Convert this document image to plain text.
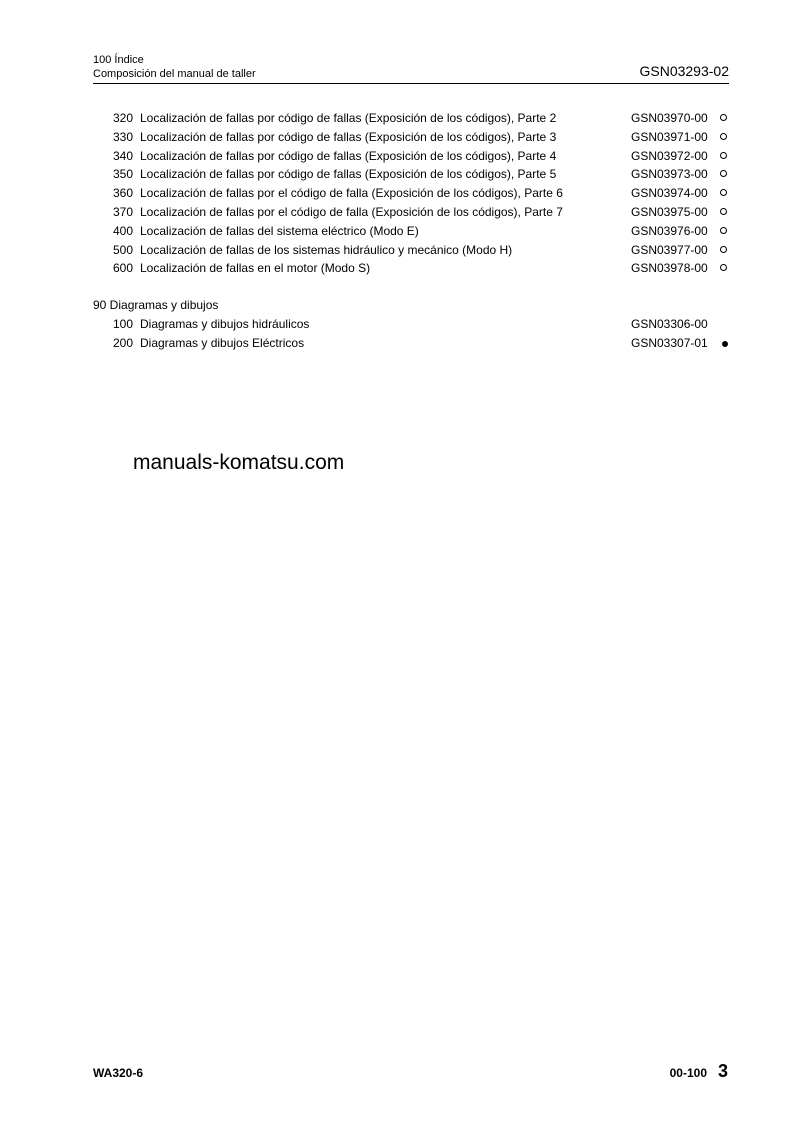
100 Índice
Composición del manual de taller	GSN03293-02
320 Localización de fallas por código de fallas (Exposición de los códigos), Parte 2	GSN03970-00
330 Localización de fallas por código de fallas (Exposición de los códigos), Parte 3	GSN03971-00
340 Localización de fallas por código de fallas (Exposición de los códigos), Parte 4	GSN03972-00
350 Localización de fallas por código de fallas (Exposición de los códigos), Parte 5	GSN03973-00
360 Localización de fallas por el código de falla (Exposición de los códigos), Parte 6	GSN03974-00
370 Localización de fallas por el código de falla (Exposición de los códigos), Parte 7	GSN03975-00
400 Localización de fallas del sistema eléctrico (Modo E)	GSN03976-00
500 Localización de fallas de los sistemas hidráulico y mecánico (Modo H)	GSN03977-00
600 Localización de fallas en el motor (Modo S)	GSN03978-00
90 Diagramas y dibujos
100 Diagramas y dibujos hidráulicos	GSN03306-00
200 Diagramas y dibujos Eléctricos	GSN03307-01
manuals-komatsu.com
WA320-6	00-100 3
